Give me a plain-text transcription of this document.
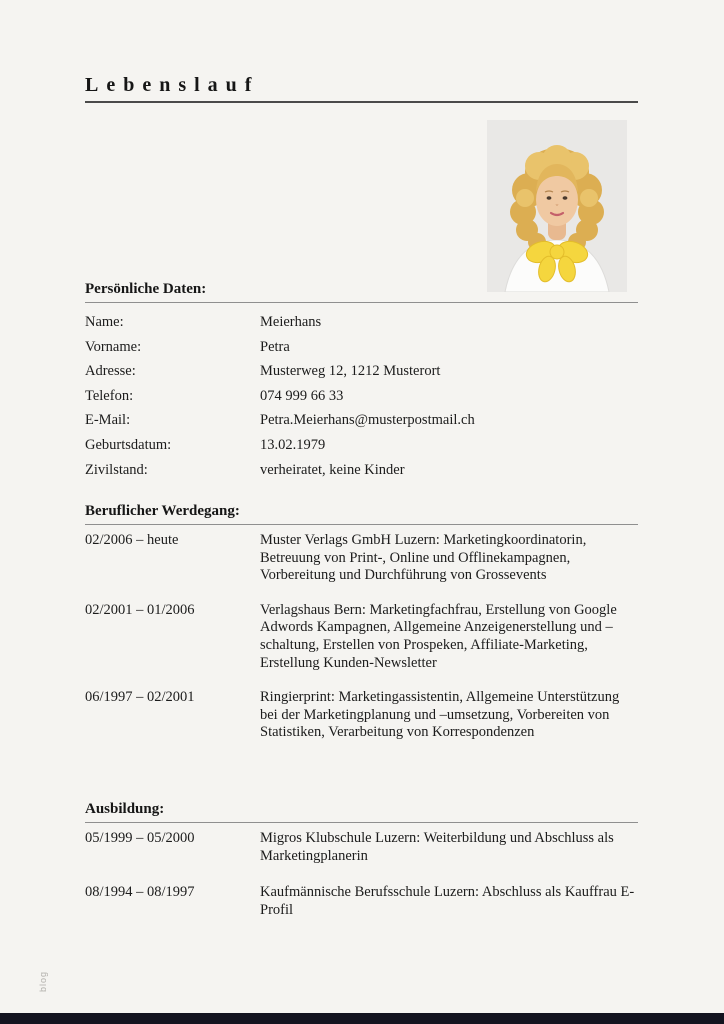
Lebenslauf
Persönliche Daten:
Name:	Meierhans
Vorname:	Petra
Adresse:	Musterweg 12, 1212 Musterort
Telefon:	074 999 66 33
E-Mail:	Petra.Meierhans@musterpostmail.ch
Geburtsdatum:	13.02.1979
Zivilstand:	verheiratet, keine Kinder
Beruflicher Werdegang:
02/2006 – heute	Muster Verlags GmbH Luzern: Marketingkoordinatorin, Betreuung von Print-, Online und Offlinekampagnen, Vorbereitung und Durchführung von Grossevents
02/2001 – 01/2006	Verlagshaus Bern: Marketingfachfrau, Erstellung von Google Adwords Kampagnen, Allgemeine Anzeigenerstellung und –schaltung, Erstellen von Prospeken, Affiliate-Marketing, Erstellung Kunden-Newsletter
06/1997 – 02/2001	Ringierprint: Marketingassistentin, Allgemeine Unterstützung bei der Marketingplanung und –umsetzung, Vorbereiten von Statistiken, Verarbeitung von Korrespondenzen
Ausbildung:
05/1999 – 05/2000	Migros Klubschule Luzern: Weiterbildung und Abschluss als Marketingplanerin
08/1994 – 08/1997	Kaufmännische Berufsschule Luzern: Abschluss als Kauffrau E-Profil
blog
